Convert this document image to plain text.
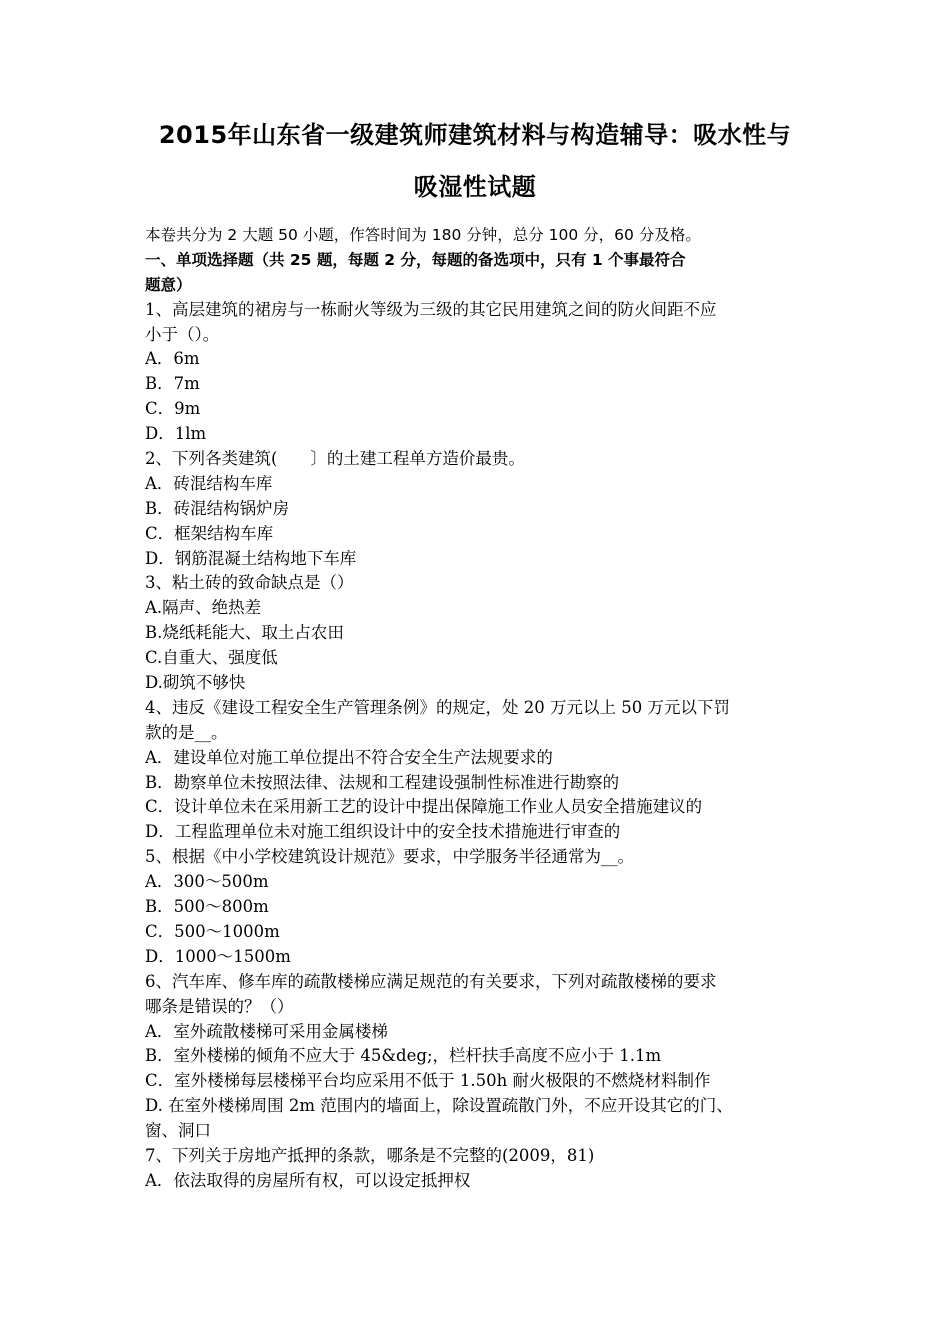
2015年山东省一级建筑师建筑材料与构造辅导：吸水性与
吸湿性试题
本卷共分为 2 大题 50 小题，作答时间为 180 分钟，总分 100 分，60 分及格。
一、单项选择题（共 25 题，每题 2 分，每题的备选项中，只有 1 个事最符合
题意）
1、高层建筑的裙房与一栋耐火等级为三级的其它民用建筑之间的防火间距不应
小于（）。
A．6m
B．7m
C．9m
D．1lm
2、下列各类建筑(　　〕的土建工程单方造价最贵。
A．砖混结构车库
B．砖混结构锅炉房
C．框架结构车库
D．钢筋混凝土结构地下车库
3、粘土砖的致命缺点是（）
A.隔声、绝热差
B.烧纸耗能大、取土占农田
C.自重大、强度低
D.砌筑不够快
4、违反《建设工程安全生产管理条例》的规定，处 20 万元以上 50 万元以下罚
款的是__。
A．建设单位对施工单位提出不符合安全生产法规要求的
B．勘察单位未按照法律、法规和工程建设强制性标准进行勘察的
C．设计单位未在采用新工艺的设计中提出保障施工作业人员安全措施建议的
D．工程监理单位未对施工组织设计中的安全技术措施进行审查的
5、根据《中小学校建筑设计规范》要求，中学服务半径通常为__。
A．300～500m
B．500～800m
C．500～1000m
D．1000～1500m
6、汽车库、修车库的疏散楼梯应满足规范的有关要求，下列对疏散楼梯的要求
哪条是错误的？（）
A．室外疏散楼梯可采用金属楼梯
B．室外楼梯的倾角不应大于 45&deg;，栏杆扶手高度不应小于 1.1m
C．室外楼梯每层楼梯平台均应采用不低于 1.50h 耐火极限的不燃烧材料制作
D. 在室外楼梯周围 2m 范围内的墙面上，除设置疏散门外，不应开设其它的门、
窗、洞口
7、下列关于房地产抵押的条款，哪条是不完整的(2009，81)
A．依法取得的房屋所有权，可以设定抵押权
